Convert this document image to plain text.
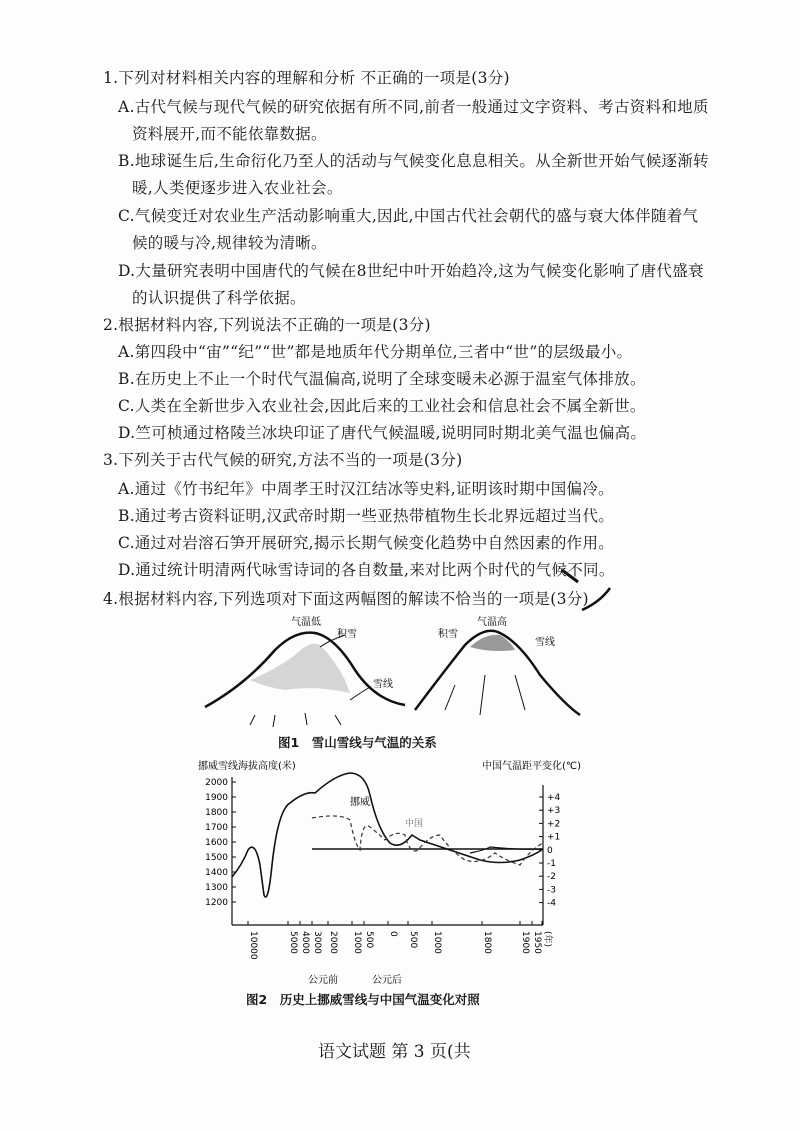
1.下列对材料相关内容的理解和分析 不正确的一项是(3分)
A.古代气候与现代气候的研究依据有所不同,前者一般通过文字资料、考古资料和地质
资料展开,而不能依靠数据。
B.地球诞生后,生命衍化乃至人的活动与气候变化息息相关。从全新世开始气候逐渐转
暖,人类便逐步进入农业社会。
C.气候变迁对农业生产活动影响重大,因此,中国古代社会朝代的盛与衰大体伴随着气
候的暖与冷,规律较为清晰。
D.大量研究表明中国唐代的气候在8世纪中叶开始趋冷,这为气候变化影响了唐代盛衰
的认识提供了科学依据。
2.根据材料内容,下列说法不正确的一项是(3分)
A.第四段中“宙”“纪”“世”都是地质年代分期单位,三者中“世”的层级最小。
B.在历史上不止一个时代气温偏高,说明了全球变暖未必源于温室气体排放。
C.人类在全新世步入农业社会,因此后来的工业社会和信息社会不属全新世。
D.竺可桢通过格陵兰冰块印证了唐代气候温暖,说明同时期北美气温也偏高。
3.下列关于古代气候的研究,方法不当的一项是(3分)
A.通过《竹书纪年》中周孝王时汉江结冰等史料,证明该时期中国偏冷。
B.通过考古资料证明,汉武帝时期一些亚热带植物生长北界远超过当代。
C.通过对岩溶石笋开展研究,揭示长期气候变化趋势中自然因素的作用。
D.通过统计明清两代咏雪诗词的各自数量,来对比两个时代的气候不同。
4.根据材料内容,下列选项对下面这两幅图的解读不恰当的一项是(3分)
气温低
积雪
雪线
气温高
积雪
雪线
图1　雪山雪线与气温的关系
挪威雪线海拔高度(米)	中国气温距平变化(℃)
2000
1900
1800
1700
1600
1500
1400
1300
1200
+4
+3
+2
+1
0
-1
-2
-3
-4
10000	5000 4000 3000 2000 1000 500 0 500 1000	1800	1900 1950 (年)
挪威
中国
公元前	公元后
图2　历史上挪威雪线与中国气温变化对照
语文试题 第 3 页(共
